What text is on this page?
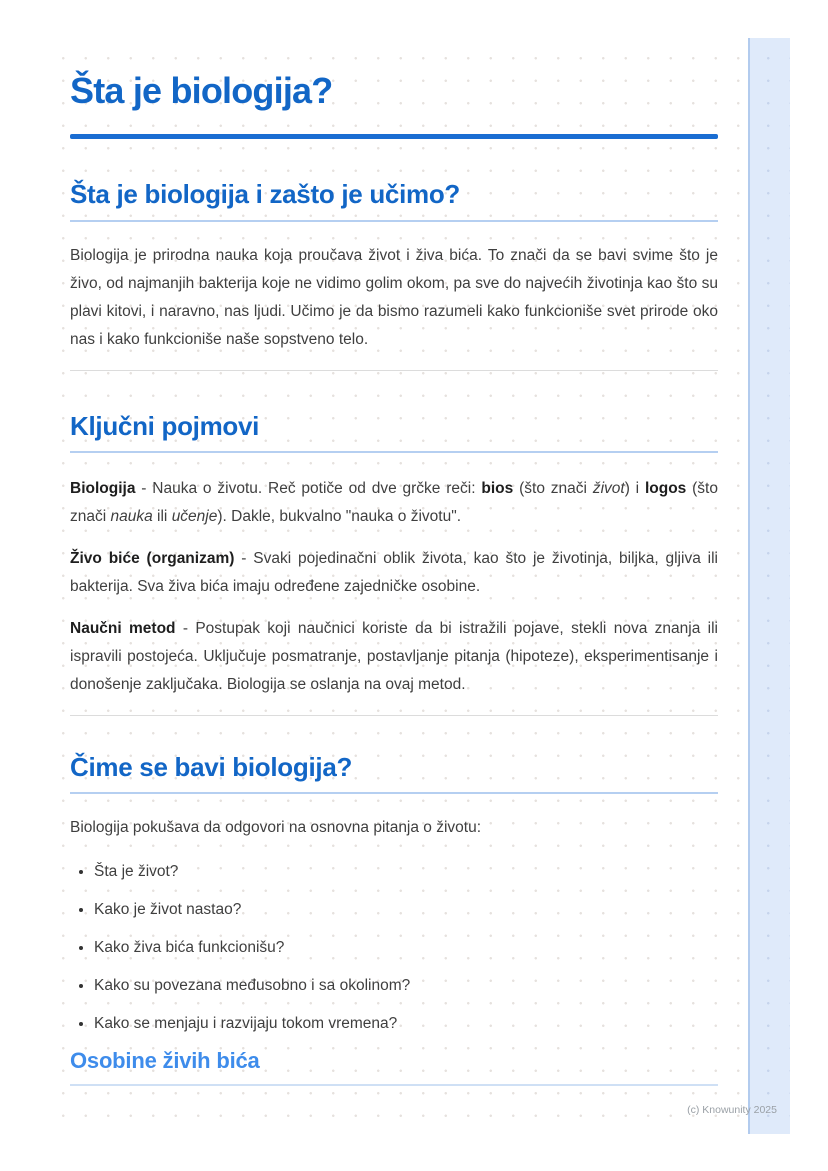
Šta je biologija?
Šta je biologija i zašto je učimo?

Biologija je prirodna nauka koja proučava život i živa bića. To znači da se bavi svime što je živo, od najmanjih bakterija koje ne vidimo golim okom, pa sve do najvećih životinja kao što su plavi kitovi, i naravno, nas ljudi. Učimo je da bismo razumeli kako funkcioniše svet prirode oko nas i kako funkcioniše naše sopstveno telo.

Ključni pojmovi

Biologija - Nauka o životu. Reč potiče od dve grčke reči: bios (što znači život) i logos (što znači nauka ili učenje). Dakle, bukvalno "nauka o životu".

Živo biće (organizam) - Svaki pojedinačni oblik života, kao što je životinja, biljka, gljiva ili bakterija. Sva živa bića imaju određene zajedničke osobine.

Naučni metod - Postupak koji naučnici koriste da bi istražili pojave, stekli nova znanja ili ispravili postojeća. Uključuje posmatranje, postavljanje pitanja (hipoteze), eksperimentisanje i donošenje zaključaka. Biologija se oslanja na ovaj metod.

Čime se bavi biologija?

Biologija pokušava da odgovori na osnovna pitanja o životu:

• Šta je život?
• Kako je život nastao?
• Kako živa bića funkcionišu?
• Kako su povezana međusobno i sa okolinom?
• Kako se menjaju i razvijaju tokom vremena?
Osobine živih bića
(c) Knowunity 2025
